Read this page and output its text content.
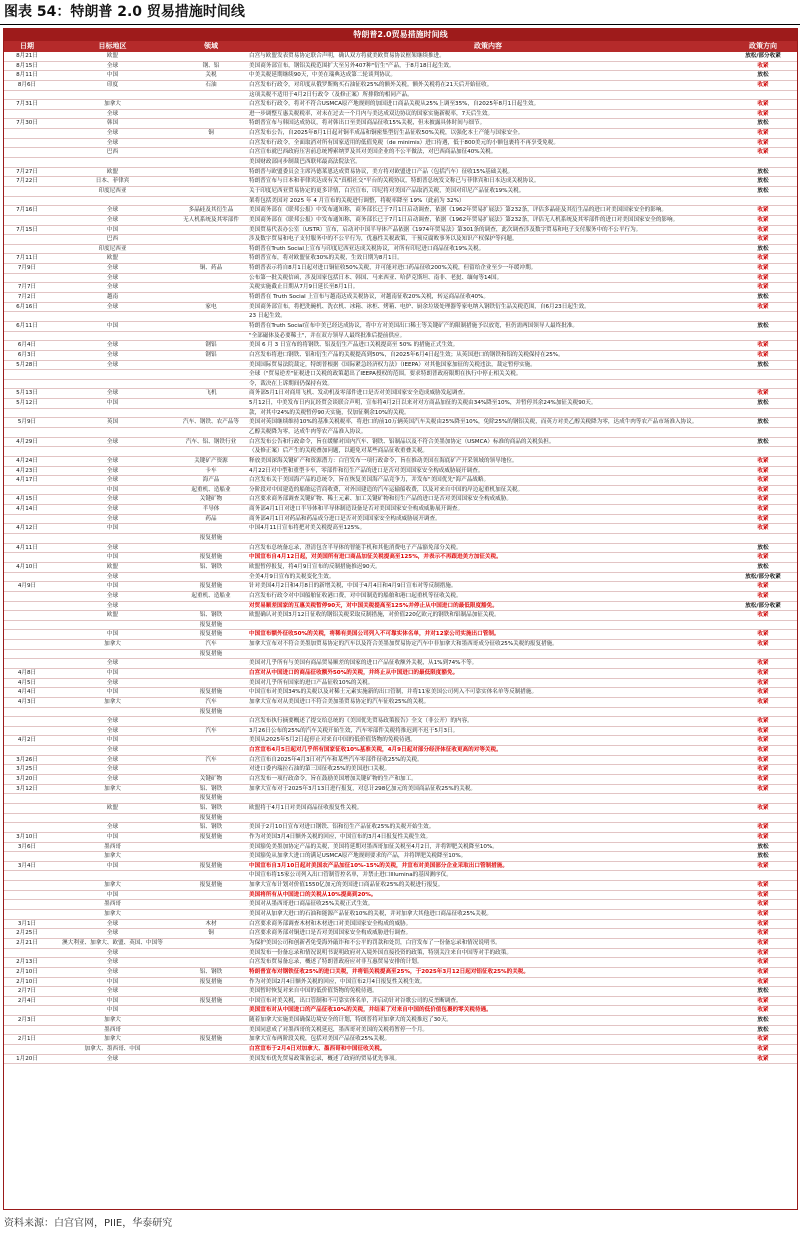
图表 54：特朗普 2.0 贸易措施时间线
特朗普2.0贸易措施时间线
日期	目标地区	领域	政策内容	政策方向
8月21日	欧盟	白宫与欧盟发表贸易协定联合声明，确认双方将就美欧贸易协议框架继续推进。	放松/部分收紧
8月15日	全球	钢、铝	美国商务部宣布，钢铝关税范围扩大至另外407种"衍生"产品，于8月18日起生效。	收紧
8月11日	中国	关税	中美关税延期继续90天，中美在瑞典达成第二轮谈判协议。	放松
8月6日	印度	石油	白宫发布行政令，对印度从俄罗斯购买石油征收25%的额外关税。额外关税将在21天后开始征收。	收紧
这项关税不适用于4月2日行政令（及修正案）所排除的相同产品。
7月31日	加拿大	白宫发布行政令，将对不符合USMCA原产地规则的加国进口商品关税从25%上调至35%，自2025年8月1日起生效。	收紧
全球	进一步调整互惠关税税率，对未在过去一个月内与美达成双边协议的国家实施新税率，7天后生效。	收紧
7月30日	韩国	特朗普宣布与韩国达成协议，将对韩出口至美国商品征收15%关税，但未披露具体时间与细节。	放松
全球	铜	白宫发布公告，自2025年8月1日起对铜半成品和铜密集型衍生品征收50%关税，以强化本土产能与国家安全。	收紧
全球	白宫发布行政令，全面取消对所有国家适用的低值免税（de minimis）进口待遇，低于800美元的小额包裹将不再享受免税。	收紧
巴西	白宫宣布就巴西政府压害前总统博索纳罗及其对美国企业的不公平做法，对巴西商品加征40%关税。	收紧
美国财政部同步制裁巴西联邦最高法院法官。
7月27日	欧盟	特朗普与欧盟委员会主席冯德莱恩达成贸易协议，美方将对欧盟进口产品（包括汽车）征收15%基础关税。	放松
7月22日	日本、菲律宾	特朗普宣布与日本和菲律宾达成有关"真相社交"平台的关税协议，特朗普总统发文称已与菲律宾和日本达成关税协议。	放松
印度尼西亚	关于印度尼西亚贸易协定的更多详情，白宫宣布，印尼将对美国产品取消关税，美国对印尼产品征收19%关税。	放松
架将包括美国对 2025 年 4 月宣布的关税进行调整，将税率降至 19%（此前为 32%）
7月16日	全球	多晶硅及其衍生品	美国商务部在《联邦公报》中发布通知称，商务部长已于7月1日启动调查，依据《1962年贸易扩展法》第232条，评估多晶硅及其衍生品的进口对美国国家安全的影响。	收紧
全球	无人机系统及其零部件	美国商务部在《联邦公报》中发布通知称，商务部长已于7月1日启动调查，依据《1962年贸易扩展法》第232条，评估无人机系统及其零部件的进口对美国国家安全的影响。	收紧
7月15日	中国	美国贸易代表办公室（USTR）宣布，启动对中国半导体产品依据《1974年贸易法》第301条的调查，此次调查涉及数字贸易和电子支付服务中的不公平行为。	收紧
巴西	涉及数字贸易和电子支付服务中的不公平行为，优惠性关税政策，干预反腐败事务以及知识产权保护等问题。	收紧
印度尼西亚	特朗普在Truth Social上宣布与印度尼西亚达成关税协议，对所有印尼进口商品征收19%关税。	放松
7月11日	欧盟	特朗普宣布，将对欧盟征收30%的关税，生效日期为8月1日。	收紧
7月9日	全球	铜、药品	特朗普表示将自8月1日起对进口铜征收50%关税，并可能对进口药品征收200%关税，但留给企业至少一年缓冲期。	收紧
全球	公布第一批关税信函，涉及国家包括日本、韩国、马来西亚、哈萨克斯坦、南非、老挝、缅甸等14国。	收紧
7月7日	全球	关税实施截止日期从7月9日延长至8月1日。	收紧
7月2日	越南	特朗普在 Truth Social 上宣布与越南达成关税协议，对越南征收20%关税，转运商品征收40%。	放松
6月16日	全球	家电	美国商务部宣布，将把洗碗机、洗衣机、冰箱、冰柜、烤箱、电炉、厨余垃圾处理器等家电纳入钢铁衍生品关税范围，自6月23日起生效。	收紧
23 日起生效。
6月11日	中国	特朗普在Truth Social宣布中美已经达成协议，将中方对美国出口稀土等关键矿产的限制措施予以放宽，但仍需两国领导人最终批准。	放松
"全部磁体及必要稀土"，并在双方领导人最终批准后提前供应。
6月4日	全球	钢铝	美国 6 月 3 日宣布的将钢铁、铝及衍生产品进口关税提高至 50% 的措施正式生效。	收紧
6月3日	全球	钢铝	白宫发布将进口钢铁、铝和衍生产品的关税提高到50%，自2025年6月4日起生效；从英国进口的钢铁和铝的关税保持在25%。	收紧
5月28日	全球	美国国际贸易法院裁定，特朗普根据《国际紧急经济权力法》（IEEPA）对其他国家加征的关税违法，裁定暂停实施。	放松
全球（"贸易逆差"征税进口关税的政策超出了IEEPA授权的范围。要求特朗普政府限期在执行中停止相关关税。
令，裁决在上诉期间仍保持有效。
5月13日	全球	飞机	商务部5月1日对商用飞机、发动机及零部件进口是否对美国国家安全造成威胁发起调查。	收紧
5月12日	中国	5月12日，中美发布日内瓦经贸会谈联合声明，宣布将4月2日以来对对方商品加征的关税由34%降至10%，并暂停其余24%加征关税90天。	放松
款，对其中24%的关税暂停90天实施，仅加征剩余10%的关税。
5月9日	英国	汽车、钢铁、农产品等	美国对英国继续维持10%的基准关税税率，将进口的前10万辆英国汽车关税由25%降至10%，免除25%的钢铝关税，而英方对美乙醇关税降为零，达成牛肉等农产品市场准入协议。	放松
乙醇关税降为零，达成牛肉等农产品准入协议。
4月29日	全球	汽车、铝、钢铁行业	白宫发布公告和行政命令，旨在缓解对国内汽车、钢铁、铝制品以及不符合美墨加协定（USMCA）标准的商品的关税负担。	放松
（及修正案）后产生的关税叠加问题，以避免对某些商品征收重叠关税。
4月24日	全球	关键矿产资源	释放美国深海关键矿产和资源潜力：白宫发布一项行政命令，旨在推动美国在海底矿产开采领域的领导地位。	收紧
4月23日	全球	卡车	4月22日对中型和重型卡车，零部件和衍生产品的进口是否对美国国家安全构成威胁展开调查。	收紧
4月17日	全球	海产品	白宫发布关于美国海产品的总统令，旨在恢复美国海产品竞争力，并发布"美国优先"海产品战略。	收紧
中国	起重机、造船业	分阶段对中国建造的船舶运营商收费，对外国建造的汽车运输船收费，以及对来自中国的岸边起重机加征关税。	收紧
4月15日	全球	关键矿物	白宫要求商务部调查关键矿物、稀土元素、加工关键矿物和衍生产品的进口是否对美国国家安全构成威胁。	收紧
4月14日	全球	半导体	商务部4月1日对进口半导体和半导体制造设备是否对美国国家安全构成威胁展开调查。	收紧
全球	药品	商务部4月1日对药品和药品成分进口是否对美国国家安全构成威胁展开调查。	收紧
4月12日	中国	中国4月11日宣布将把对美关税提高至125%。	收紧
报复措施
4月11日	全球	白宫发布总统备忘录，澄清包含半导体的智能手机和其他消费电子产品豁免部分关税。	放松
中国	报复措施	中国宣布自4月12日起，对美国所有进口商品加征关税提高至125%，并表示不再跟进美方加征关税。	收紧
4月10日	欧盟	铝、钢铁	欧盟暂停报复，将4月9日宣布的反制措施推迟90天。	放松
全球	全美4月9日宣布的关税变化生效。	放松/部分收紧
4月9日	中国	报复措施	针对美国4月2日和4月8日的新增关税，中国于4月4日和4月9日宣布对等反制措施。	收紧
全球	起重机、造船业	白宫发布行政令对中国船舶征收港口费，对中国制造的船舶和港口起重机等征收关税。	收紧
全球	对贸易顺差国家的互惠关税暂停90天，对中国关税提高至125%并停止从中国进口的最低限度豁免。	放松/部分收紧
欧盟	铝、钢铁	欧盟确认对美国3月12日征收的钢铝关税采取反制措施，对价值220亿欧元的钢铁和铝制品加征关税。	收紧
报复措施
中国	报复措施	中国宣布额外征收50%的关税，将稀有美国公司列入不可靠实体名单，并对12家公司实施出口管制。	收紧
加拿大	汽车	加拿大宣布对不符合美墨加贸易协定的汽车以及符合美墨加贸易协定汽车中非加拿大和墨西哥成分征收25%关税的报复措施。	收紧
报复措施
全球	美国对几乎所有与美国有商品贸易顺差的国家的进口产品征收额外关税，从1%到74%不等。	收紧
4月8日	中国	白宫对从中国进口的商品征收额外50%的关税，并终止从中国进口的最低限度豁免。	收紧
4月5日	全球	美国对几乎所有国家的进口产品征收10%的关税。	收紧
4月4日	中国	报复措施	中国宣布对美国34%的关税以及对稀土元素实施新的出口管制，并将11家美国公司列入不可靠实体名单等反制措施。	收紧
4月3日	加拿大	汽车	加拿大宣布对从美国进口不符合美加墨贸易协定的汽车征收25%的关税。	收紧
报复措施
全球	白宫发布执行摘要概述了提交给总统的《美国优先贸易政策报告》全文（非公开）的内容。	收紧
全球	汽车	3月26日公布的25%的汽车关税开始生效，汽车零部件关税将推迟到不迟于5月3日。	收紧
4月2日	中国	美国从2025年5月2日起停止对来自中国的低价值货物的免税待遇。	收紧
全球	白宫宣布4月5日起对几乎所有国家征收10%基准关税，4月9日起对部分经济体征收更高的对等关税。	收紧
3月26日	全球	汽车	白宫宣布自2025年4月3日对汽车和某些汽车零部件征收25%的关税。	收紧
3月25日	全球	对进口委内瑞拉石油的第三国征收25%的美国进口关税。	收紧
3月20日	全球	关键矿物	白宫发布一项行政命令，旨在鼓励美国增加关键矿物的生产和加工。	收紧
3月12日	加拿大	铝、钢铁	加拿大宣布对于2025年3月13日进行报复，对总计298亿加元的美国商品征收25%的关税。	收紧
报复措施
欧盟	铝、钢铁	欧盟将于4月1日对美国商品征收报复性关税。	收紧
报复措施
全球	铝、钢铁	美国于2月10日宣布对进口钢铁、铝和衍生产品征收25%的关税开始生效。	收紧
3月10日	中国	报复措施	作为对美国3月4日额外关税的回应，中国宣布的3月4日报复性关税生效。	收紧
3月6日	墨西哥	美国豁免美墨加协定产品的关税，美国将延期对墨西哥加征关税至4月2日，并将钾肥关税降至10%。	放松
加拿大	美国豁免从加拿大进口的满足USMCA原产地规则要求的产品，并将钾肥关税降至10%。	放松
3月4日	中国	报复措施	中国宣布自3月10日起对美国农产品加征10%-15%的关税，并宣布对美国部分企业采取出口管制措施。	收紧
中国宣布将15家公司列入出口管制管控名单，并禁止进口Illumina的基因测序仪。
加拿大	报复措施	加拿大宣布计划对价值1550亿加元的美国进口商品征收25%的关税进行报复。	收紧
中国	美国将所有从中国进口的关税从10%提高到20%。	收紧
墨西哥	美国对从墨西哥进口商品征收25%关税正式生效。	收紧
加拿大	美国对从加拿大进口的石油和能源产品征收10%的关税，并对加拿大其他进口商品征收25%关税。	收紧
3月1日	全球	木材	白宫要求商务部调查木材和木材进口对美国国家安全构成的威胁。	收紧
2月25日	全球	铜	白宫要求商务部对铜进口是否对美国国家安全构成威胁进行调查。	收紧
2月21日	澳大利亚、加拿大、欧盟、英国、中国等	为保护美国公司和创新者免受海外敲诈和不公平的罚款和处罚，白宫发布了一份备忘录和情况说明书。	收紧
全球	美国发布一份备忘录和情况说明书说明政府对入境外国直接投资的政策，特别关注来自中国等对手的政策。	收紧
2月13日	全球	白宫发布贸易备忘录，概述了特朗普政府应对非互惠贸易安排的计划。	收紧
2月10日	全球	铝、钢铁	特朗普宣布对钢铁征收25%的进口关税，并将铝关税提高至25%，于2025年3月12日起对铝征收25%的关税。	收紧
2月10日	中国	报复措施	作为对美国2月4日额外关税的回应，中国宣布2月4日报复性关税生效。	收紧
2月7日	全球	美国暂时恢复对来自中国的低价值货物的免税待遇。	放松
2月4日	中国	报复措施	中国宣布对美关税，出口管制和不可靠实体名单，并启动针对谷歌公司的反垄断调查。	收紧
中国	美国宣布对从中国进口的产品征收10%的关税，并结束了对来自中国的低价值包裹的零关税待遇。	收紧
2月3日	加拿大	随着加拿大实施美国确保边境安全的计划，特朗普将对加拿大的关税推迟了30天。	放松
墨西哥	美国同意成了对墨西哥的关税延迟，墨西哥对美国的关税将暂停一个月。	放松
2月1日	加拿大	报复措施	加拿大宣布两阶段关税，包括对美国产品征收25%关税。	收紧
加拿大、墨西哥、中国	白宫宣布于2月4日对加拿大、墨西哥和中国征收关税。	收紧
1月20日	全球	美国发布优先贸易政策备忘录，概述了政府的贸易优先事项。	收紧
资料来源：白宫官网，PIIE，华泰研究
